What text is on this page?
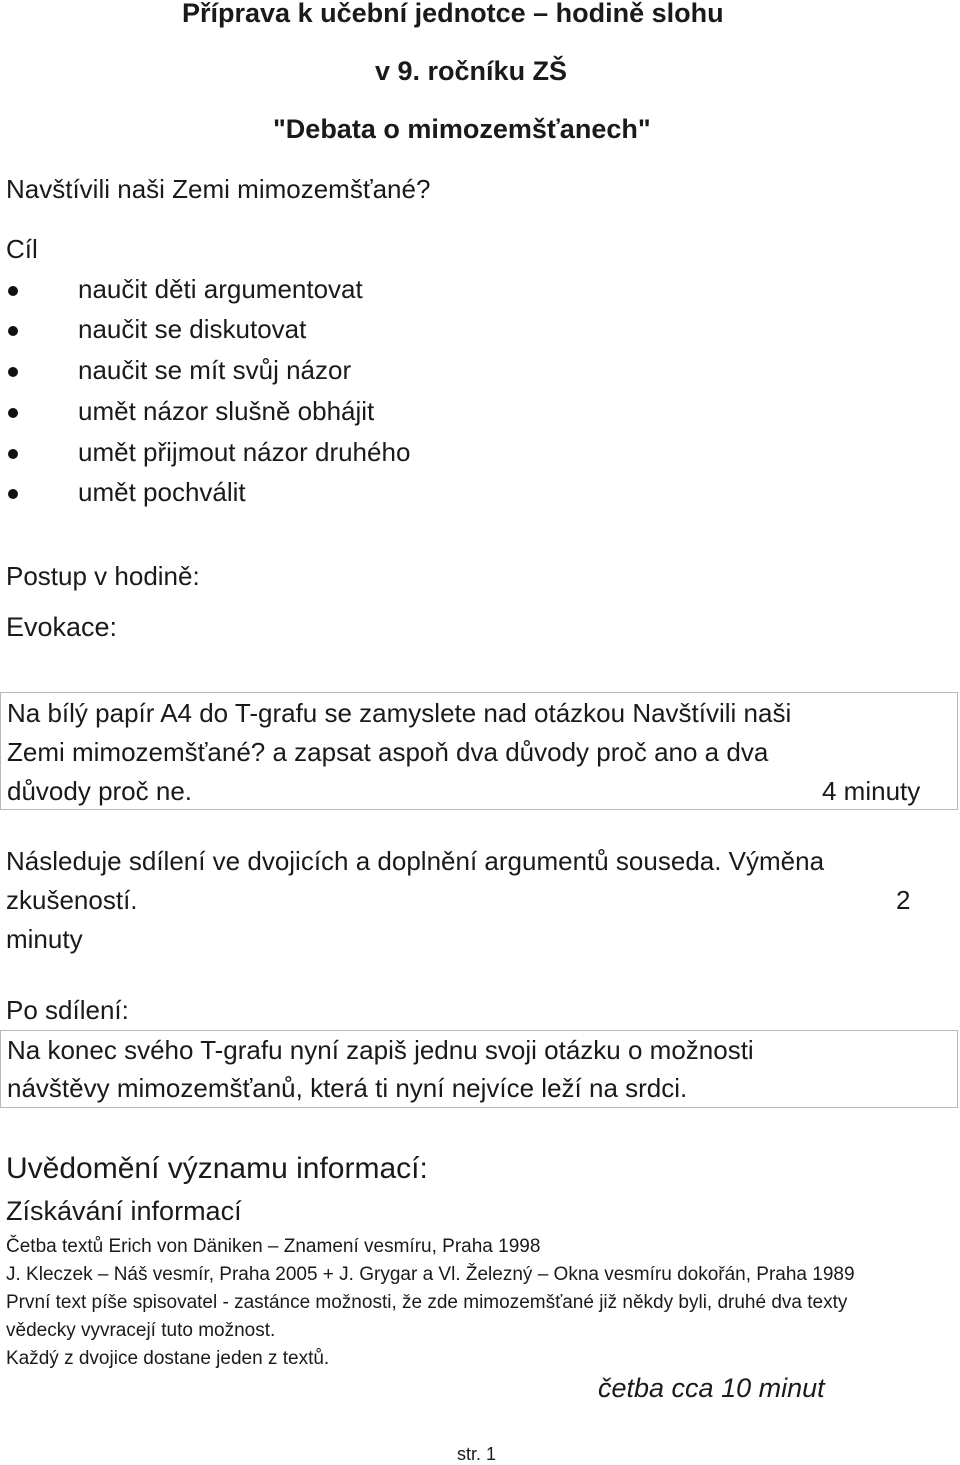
Příprava k učební jednotce – hodině slohu
v 9. ročníku ZŠ
"Debata o mimozemšťanech"
Navštívili naši Zemi mimozemšťané?
Cíl
naučit děti argumentovat
naučit se diskutovat
naučit se mít svůj názor
umět názor slušně obhájit
umět přijmout názor druhého
umět pochválit
Postup v hodině:
Evokace:
Na bílý papír A4 do T-grafu se zamyslete nad otázkou Navštívili naši
Zemi mimozemšťané? a zapsat aspoň dva důvody proč ano a dva
důvody proč ne.	4 minuty
Následuje sdílení ve dvojicích a doplnění argumentů souseda. Výměna
zkušeností.	2
minuty
Po sdílení:
Na konec svého T-grafu nyní zapiš jednu svoji otázku o možnosti
návštěvy mimozemšťanů, která ti nyní nejvíce leží na srdci.
Uvědomění významu informací:
Získávání informací
Četba textů Erich von Däniken – Znamení vesmíru, Praha 1998
J. Kleczek – Náš vesmír, Praha 2005 + J. Grygar a Vl. Železný – Okna vesmíru dokořán, Praha 1989
První text píše spisovatel - zastánce možnosti, že zde mimozemšťané již někdy byli, druhé dva texty
vědecky vyvracejí tuto možnost.
Každý z dvojice dostane jeden z textů.
četba cca 10 minut
str. 1
